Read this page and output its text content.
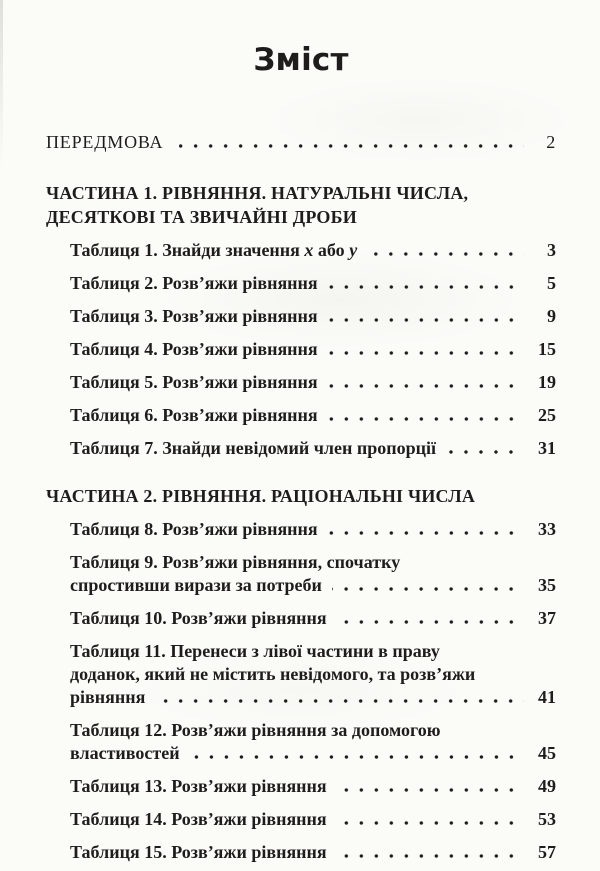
Зміст
ПЕРЕДМОВА	2
ЧАСТИНА 1. РІВНЯННЯ. НАТУРАЛЬНІ ЧИСЛА,
ДЕСЯТКОВІ ТА ЗВИЧАЙНІ ДРОБИ
Таблиця 1. Знайди значення x або y	3
Таблиця 2. Розв’яжи рівняння	5
Таблиця 3. Розв’яжи рівняння	9
Таблиця 4. Розв’яжи рівняння	15
Таблиця 5. Розв’яжи рівняння	19
Таблиця 6. Розв’яжи рівняння	25
Таблиця 7. Знайди невідомий член пропорції	31
ЧАСТИНА 2. РІВНЯННЯ. РАЦІОНАЛЬНІ ЧИСЛА
Таблиця 8. Розв’яжи рівняння	33
Таблиця 9. Розв’яжи рівняння, спочатку
спростивши вирази за потреби	35
Таблиця 10. Розв’яжи рівняння	37
Таблиця 11. Перенеси з лівої частини в праву
доданок, який не містить невідомого, та розв’яжи
рівняння	41
Таблиця 12. Розв’яжи рівняння за допомогою
властивостей	45
Таблиця 13. Розв’яжи рівняння	49
Таблиця 14. Розв’яжи рівняння	53
Таблиця 15. Розв’яжи рівняння	57
